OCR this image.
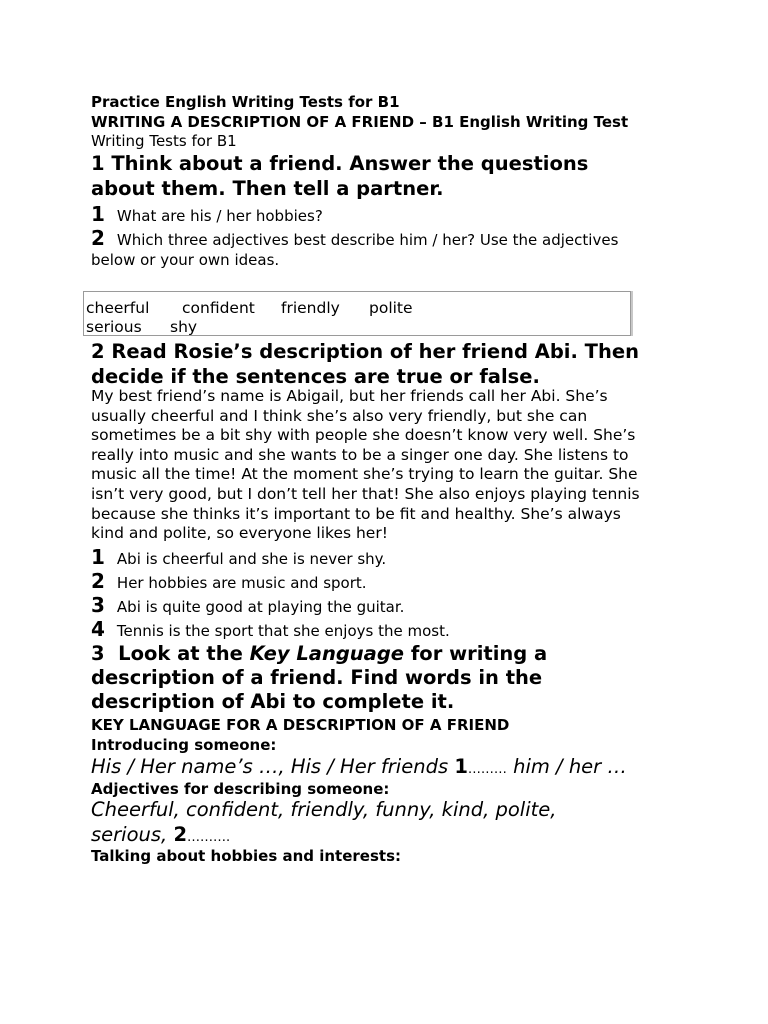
Practice English Writing Tests for B1
WRITING A DESCRIPTION OF A FRIEND – B1 English Writing Test
Writing Tests for B1
1 Think about a friend. Answer the questions
about them. Then tell a partner.
1 What are his / her hobbies?
2 Which three adjectives best describe him / her? Use the adjectives
below or your own ideas.
cheerful confident friendly polite
serious shy
2 Read Rosie’s description of her friend Abi. Then
decide if the sentences are true or false.
My best friend’s name is Abigail, but her friends call her Abi. She’s
usually cheerful and I think she’s also very friendly, but she can
sometimes be a bit shy with people she doesn’t know very well. She’s
really into music and she wants to be a singer one day. She listens to
music all the time! At the moment she’s trying to learn the guitar. She
isn’t very good, but I don’t tell her that! She also enjoys playing tennis
because she thinks it’s important to be fit and healthy. She’s always
kind and polite, so everyone likes her!
1 Abi is cheerful and she is never shy.
2 Her hobbies are music and sport.
3 Abi is quite good at playing the guitar.
4 Tennis is the sport that she enjoys the most.
3  Look at the Key Language for writing a
description of a friend. Find words in the
description of Abi to complete it.
KEY LANGUAGE FOR A DESCRIPTION OF A FRIEND
Introducing someone:
His / Her name’s …, His / Her friends 1……… him / her …
Adjectives for describing someone:
Cheerful, confident, friendly, funny, kind, polite,
serious, 2……….
Talking about hobbies and interests:
